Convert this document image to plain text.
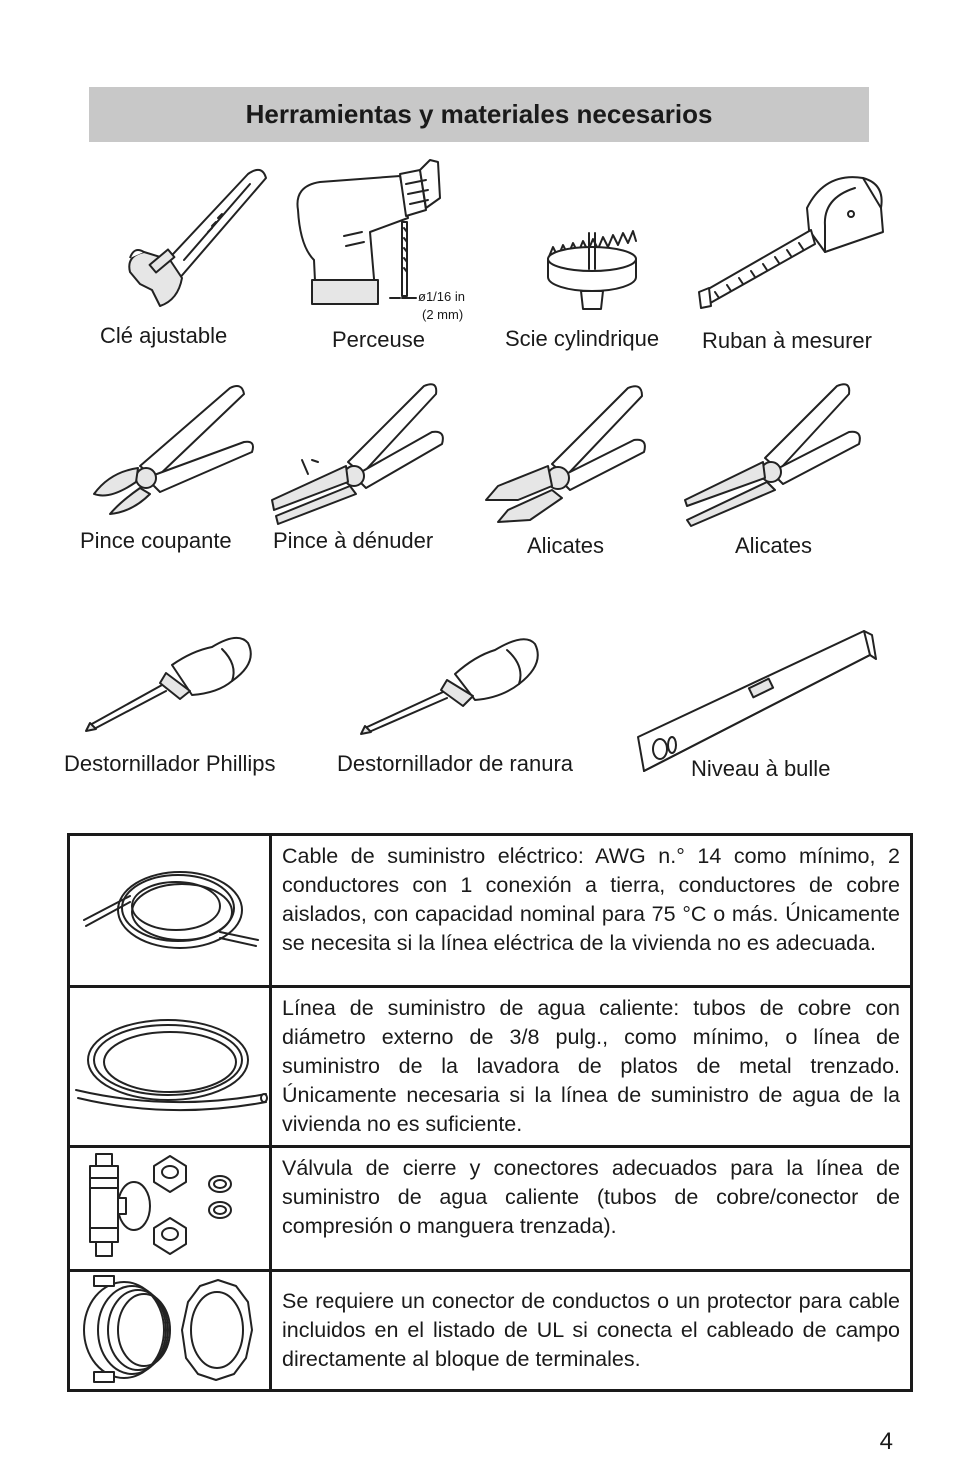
Herramientas y materiales necesarios
Clé ajustable
ø1/16 in
(2 mm)
Perceuse	Scie cylindrique Ruban à mesurer
Pince coupante Pince à dénuder	Alicates	Alicates
Destornillador Phillips	Destornillador de ranura	Niveau à bulle
	Cable de suministro eléctrico: AWG n.° 14 como mínimo, 2 conductores con 1 conexión a tierra, conductores de cobre aislados, con capacidad nominal para 75 °C o más. Únicamente se necesita si la línea eléctrica de la vivienda no es adecuada.

	Línea de suministro de agua caliente: tubos de cobre con diámetro externo de 3/8 pulg., como mínimo, o línea de suministro de la lavadora de platos de metal trenzado. Únicamente necesaria si la línea de suministro de agua de la vivienda no es suficiente.

	Válvula de cierre y conectores adecuados para la línea de suministro de agua caliente (tubos de cobre/conector de compresión o manguera trenzada).

	Se requiere un conector de conductos o un protector para cable incluidos en el listado de UL si conecta el cableado de campo directamente al bloque de terminales.
4
